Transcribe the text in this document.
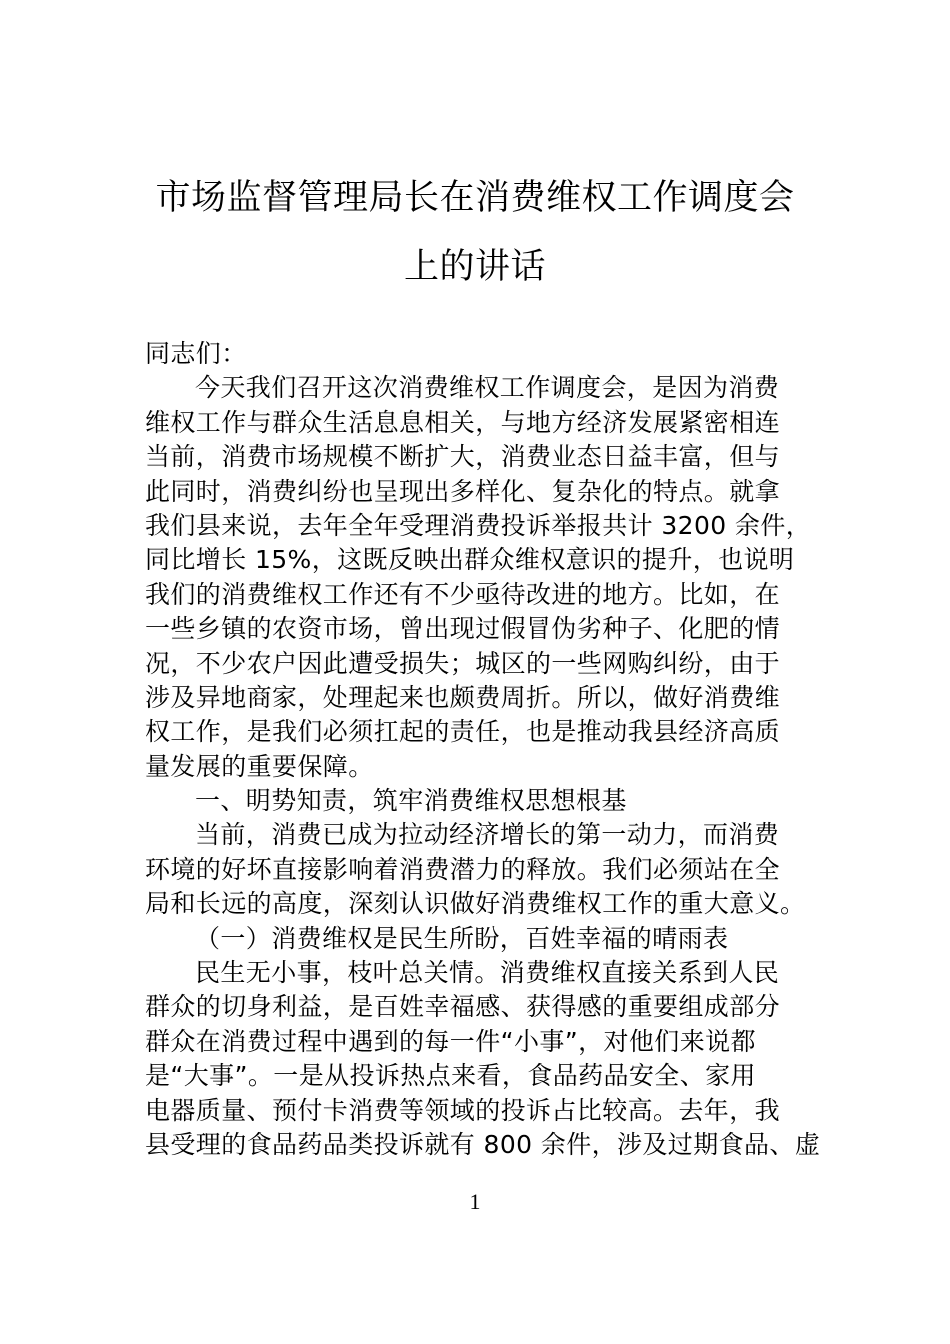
市场监督管理局长在消费维权工作调度会
上的讲话
同志们：
今天我们召开这次消费维权工作调度会，是因为消费
维权工作与群众生活息息相关，与地方经济发展紧密相连
当前，消费市场规模不断扩大，消费业态日益丰富，但与
此同时，消费纠纷也呈现出多样化、复杂化的特点。就拿
我们县来说，去年全年受理消费投诉举报共计 3200 余件，
同比增长 15%，这既反映出群众维权意识的提升，也说明
我们的消费维权工作还有不少亟待改进的地方。比如，在
一些乡镇的农资市场，曾出现过假冒伪劣种子、化肥的情
况，不少农户因此遭受损失；城区的一些网购纠纷，由于
涉及异地商家，处理起来也颇费周折。所以，做好消费维
权工作，是我们必须扛起的责任，也是推动我县经济高质
量发展的重要保障。
一、明势知责，筑牢消费维权思想根基
当前，消费已成为拉动经济增长的第一动力，而消费
环境的好坏直接影响着消费潜力的释放。我们必须站在全
局和长远的高度，深刻认识做好消费维权工作的重大意义。
（一）消费维权是民生所盼，百姓幸福的晴雨表
民生无小事，枝叶总关情。消费维权直接关系到人民
群众的切身利益，是百姓幸福感、获得感的重要组成部分
群众在消费过程中遇到的每一件“小事”，对他们来说都
是“大事”。一是从投诉热点来看，食品药品安全、家用
电器质量、预付卡消费等领域的投诉占比较高。去年，我
县受理的食品药品类投诉就有 800 余件，涉及过期食品、虚
1
